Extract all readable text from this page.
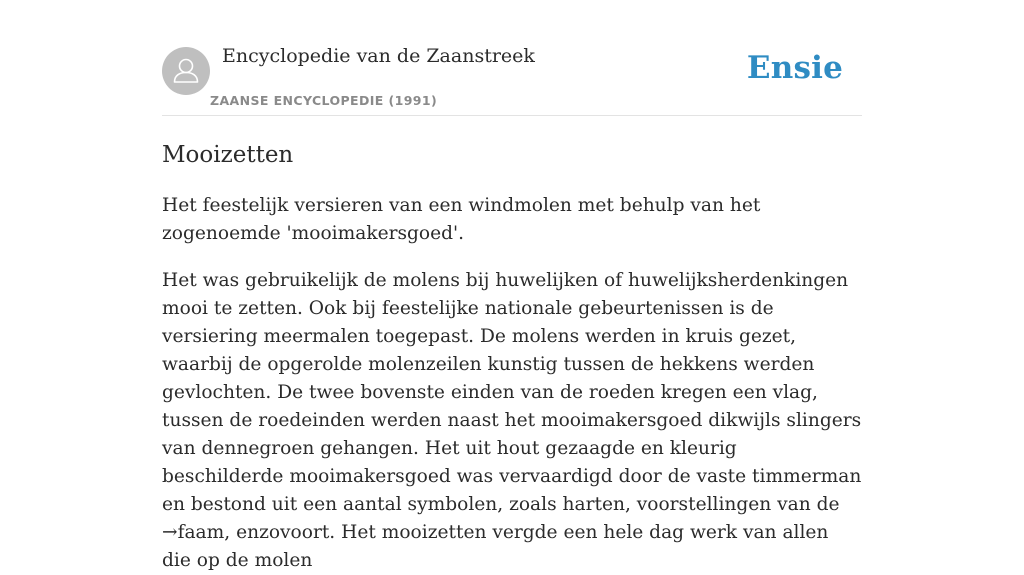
Encyclopedie van de Zaanstreek
ZAANSE ENCYCLOPEDIE (1991)
Ensie
Mooizetten

Het feestelijk versieren van een windmolen met behulp van het zogenoemde 'mooimakersgoed'.

Het was gebruikelijk de molens bij huwelijken of huwelijksherdenkingen mooi te zetten. Ook bij feestelijke nationale gebeurtenissen is de versiering meermalen toegepast. De molens werden in kruis gezet, waarbij de opgerolde molenzeilen kunstig tussen de hekkens werden gevlochten. De twee bovenste einden van de roeden kregen een vlag, tussen de roedeinden werden naast het mooimakersgoed dikwijls slingers van dennegroen gehangen. Het uit hout gezaagde en kleurig beschilderde mooimakersgoed was vervaardigd door de vaste timmerman en bestond uit een aantal symbolen, zoals harten, voorstellingen van de →faam, enzovoort. Het mooizetten vergde een hele dag werk van allen die op de molen
